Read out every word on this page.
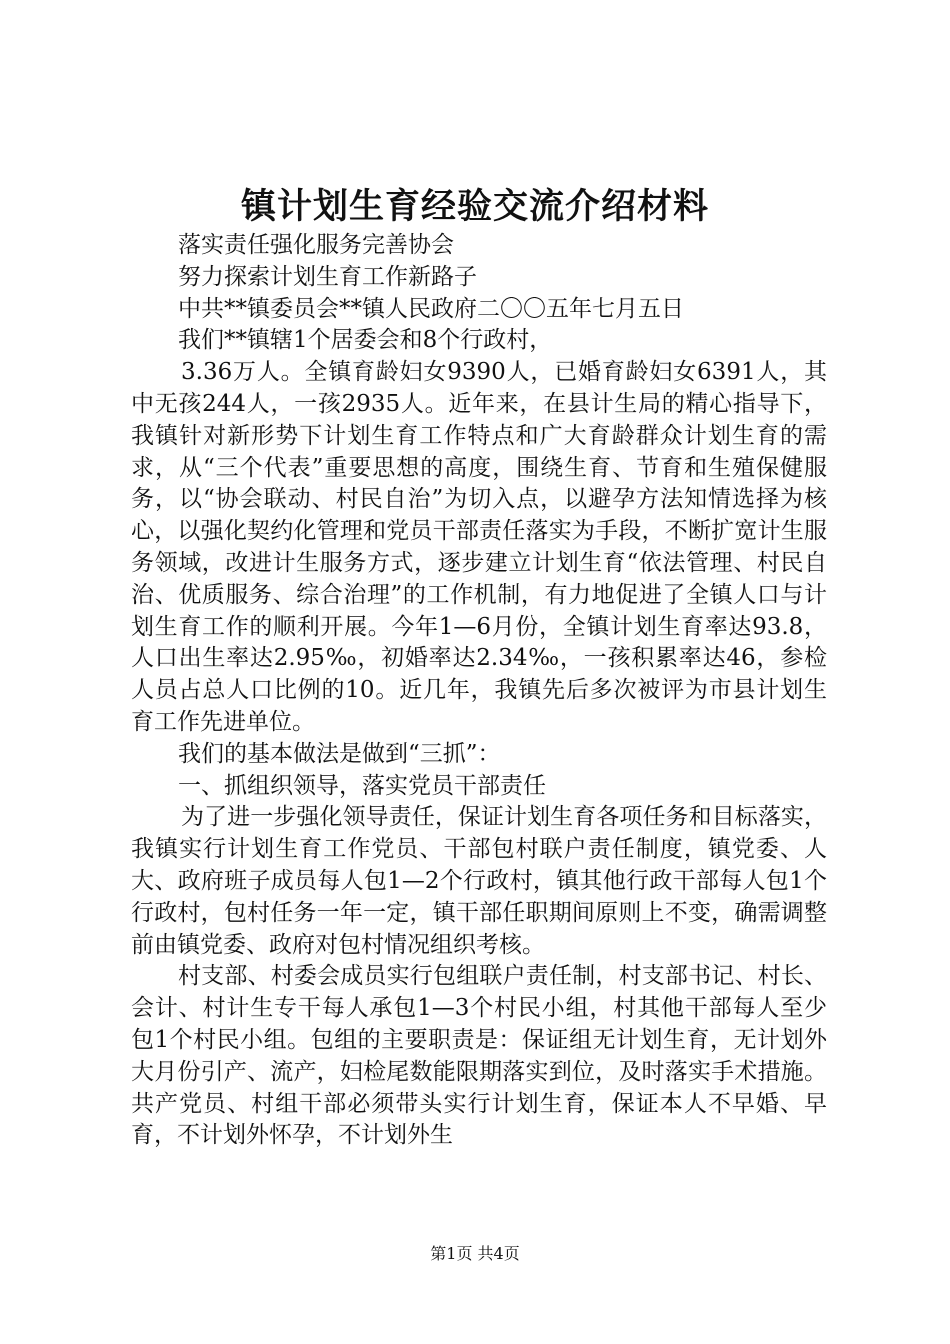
镇计划生育经验交流介绍材料

落实责任强化服务完善协会

努力探索计划生育工作新路子

中共**镇委员会**镇人民政府二〇〇五年七月五日

我们**镇辖1个居委会和8个行政村，

3.36万人。全镇育龄妇女9390人，已婚育龄妇女6391人，其中无孩244人，一孩2935人。近年来，在县计生局的精心指导下，我镇针对新形势下计划生育工作特点和广大育龄群众计划生育的需求，从“三个代表”重要思想的高度，围绕生育、节育和生殖保健服务，以“协会联动、村民自治”为切入点，以避孕方法知情选择为核心，以强化契约化管理和党员干部责任落实为手段，不断扩宽计生服务领域，改进计生服务方式，逐步建立计划生育“依法管理、村民自治、优质服务、综合治理”的工作机制，有力地促进了全镇人口与计划生育工作的顺利开展。今年1—6月份，全镇计划生育率达93.8，人口出生率达2.95‰，初婚率达2.34‰，一孩积累率达46，参检人员占总人口比例的10。近几年，我镇先后多次被评为市县计划生育工作先进单位。

我们的基本做法是做到“三抓”：

一、抓组织领导，落实党员干部责任

为了进一步强化领导责任，保证计划生育各项任务和目标落实，我镇实行计划生育工作党员、干部包村联户责任制度，镇党委、人大、政府班子成员每人包1—2个行政村，镇其他行政干部每人包1个行政村，包村任务一年一定，镇干部任职期间原则上不变，确需调整前由镇党委、政府对包村情况组织考核。

村支部、村委会成员实行包组联户责任制，村支部书记、村长、会计、村计生专干每人承包1—3个村民小组，村其他干部每人至少包1个村民小组。包组的主要职责是：保证组无计划生育，无计划外大月份引产、流产，妇检尾数能限期落实到位，及时落实手术措施。共产党员、村组干部必须带头实行计划生育，保证本人不早婚、早育，不计划外怀孕，不计划外生

第1页 共4页
